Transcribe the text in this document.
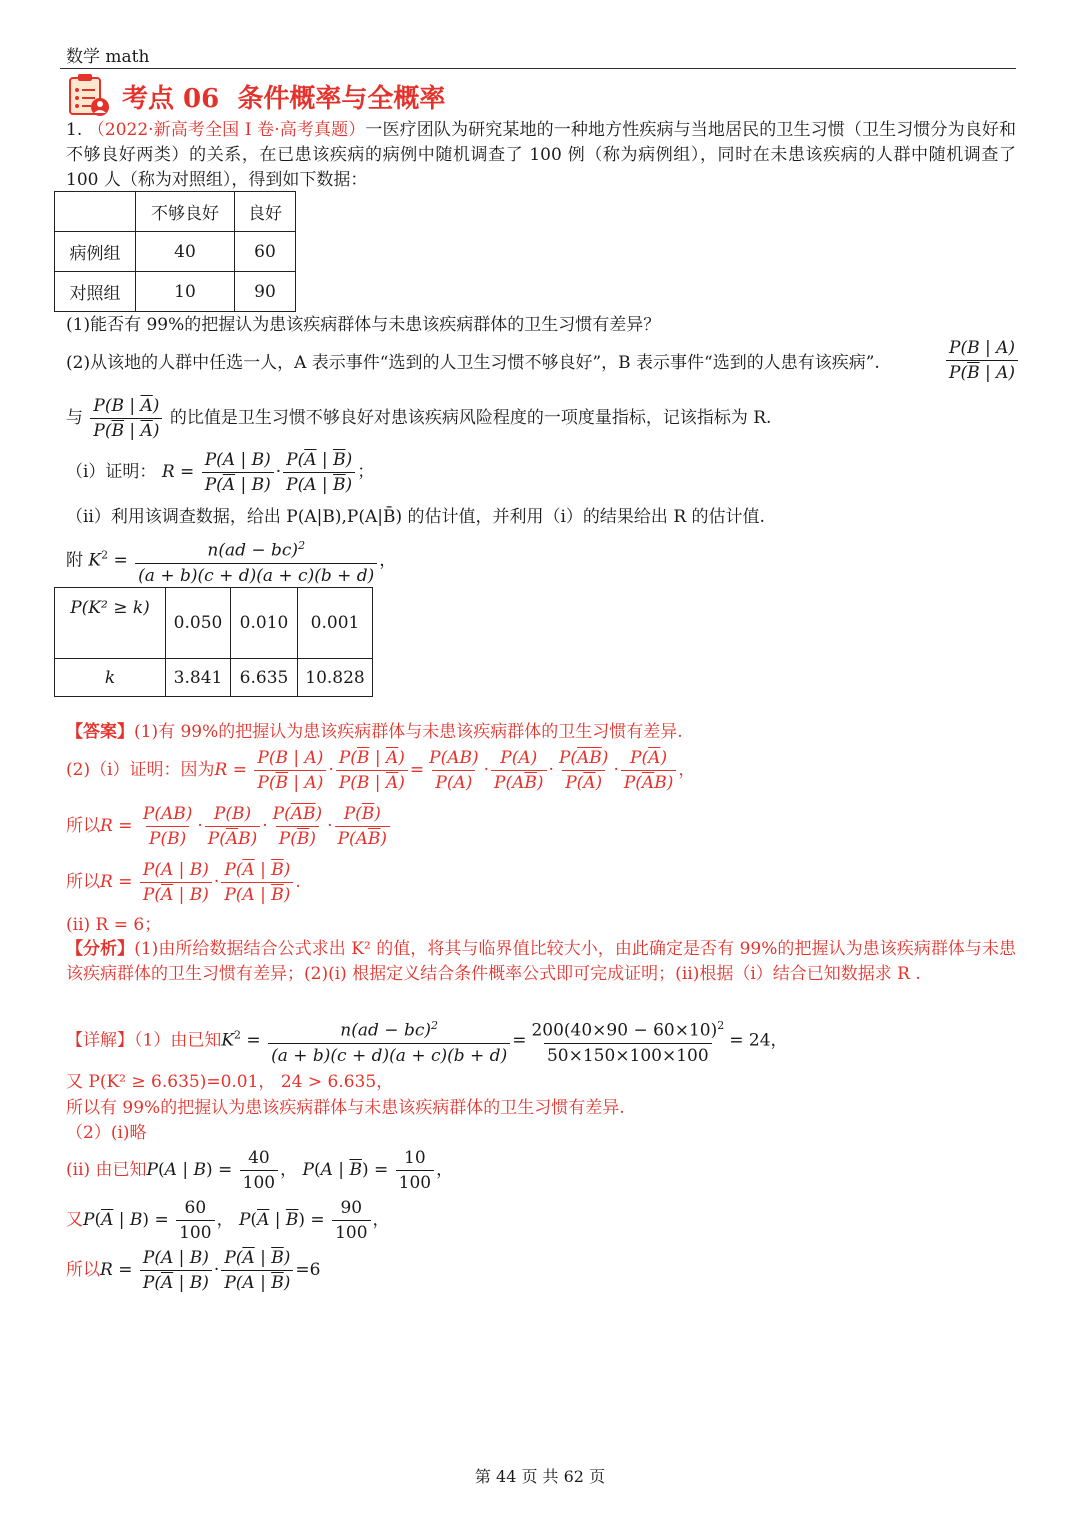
数学 math
考点 06  条件概率与全概率
1. （2022·新高考全国 I 卷·高考真题）一医疗团队为研究某地的一种地方性疾病与当地居民的卫生习惯（卫生习惯分为良好和不够良好两类）的关系，在已患该疾病的病例中随机调查了 100 例（称为病例组），同时在未患该疾病的人群中随机调查了 100 人（称为对照组），得到如下数据：
	不够良好	良好
病例组	40	60
对照组	10	90
(1)能否有 99%的把握认为患该疾病群体与未患该疾病群体的卫生习惯有差异？
(2)从该地的人群中任选一人，A 表示事件“选到的人卫生习惯不够良好”，B 表示事件“选到的人患有该疾病”.	$\frac{P(B | A)}{P(\overline{B} | A)}$
与 $\frac{P(B | \overline{A})}{P(\overline{B} | \overline{A})}$ 的比值是卫生习惯不够良好对患该疾病风险程度的一项度量指标，记该指标为 R.
（ⅰ）证明： $R = \frac{P(A | B)}{P(\overline{A} | B)} \cdot \frac{P(\overline{A} | \overline{B})}{P(A | \overline{B})}$ ；
（ⅱ）利用该调查数据，给出 P(A|B),P(A|B̄) 的估计值，并利用（ⅰ）的结果给出 R 的估计值.
附 $K^2 = \frac{n(ad - bc)^2}{(a + b)(c + d)(a + c)(b + d)}$ ，
P(K² ≥ k)	0.050	0.010	0.001
k	3.841	6.635	10.828
【答案】(1)有 99%的把握认为患该疾病群体与未患该疾病群体的卫生习惯有差异.
(2)（i）证明：因为$R = \frac{P(B | A)}{P(\overline{B} | A)} \cdot \frac{P(\overline{B} | \overline{A})}{P(B | \overline{A})} = \frac{P(AB)}{P(A)} \cdot \frac{P(A)}{P(A\overline{B})} \cdot \frac{P(\overline{AB})}{P(\overline{A})} \cdot \frac{P(\overline{A})}{P(\overline{A}B)}$ ，
所以$R = \frac{P(AB)}{P(B)} \cdot \frac{P(B)}{P(\overline{A}B)} \cdot \frac{P(\overline{AB})}{P(\overline{B})} \cdot \frac{P(\overline{B})}{P(A\overline{B})}$
所以$R = \frac{P(A | B)}{P(\overline{A} | B)} \cdot \frac{P(\overline{A} | \overline{B})}{P(A | \overline{B})}$ .
(ii) R = 6；
【分析】(1)由所给数据结合公式求出 K² 的值，将其与临界值比较大小，由此确定是否有 99%的把握认为患该疾病群体与未患该疾病群体的卫生习惯有差异；(2)(i) 根据定义结合条件概率公式即可完成证明；(ii)根据（i）结合已知数据求 R .
【详解】（1）由已知$K^2 = \frac{n(ad - bc)^2}{(a + b)(c + d)(a + c)(b + d)} = \frac{200(40\times 90 - 60\times 10)^2}{50\times 150\times 100\times 100} = 24$，
又 P(K² ≥ 6.635)=0.01， 24 > 6.635，
所以有 99%的把握认为患该疾病群体与未患该疾病群体的卫生习惯有差异.
（2）(i)略
(ii) 由已知P(A | $B) = \frac{40}{100}$ ， P(A | $\overline{B}) = \frac{10}{100}$ ，
又$P(\overline{A}$ | $B) = \frac{60}{100}$ ， $P(\overline{A}$ | $\overline{B}) = \frac{90}{100}$ ，
所以$R = \frac{P(A | B)}{P(\overline{A} | B)} \cdot \frac{P(\overline{A} | \overline{B})}{P(A | \overline{B})} =6$
第 44 页 共 62 页
